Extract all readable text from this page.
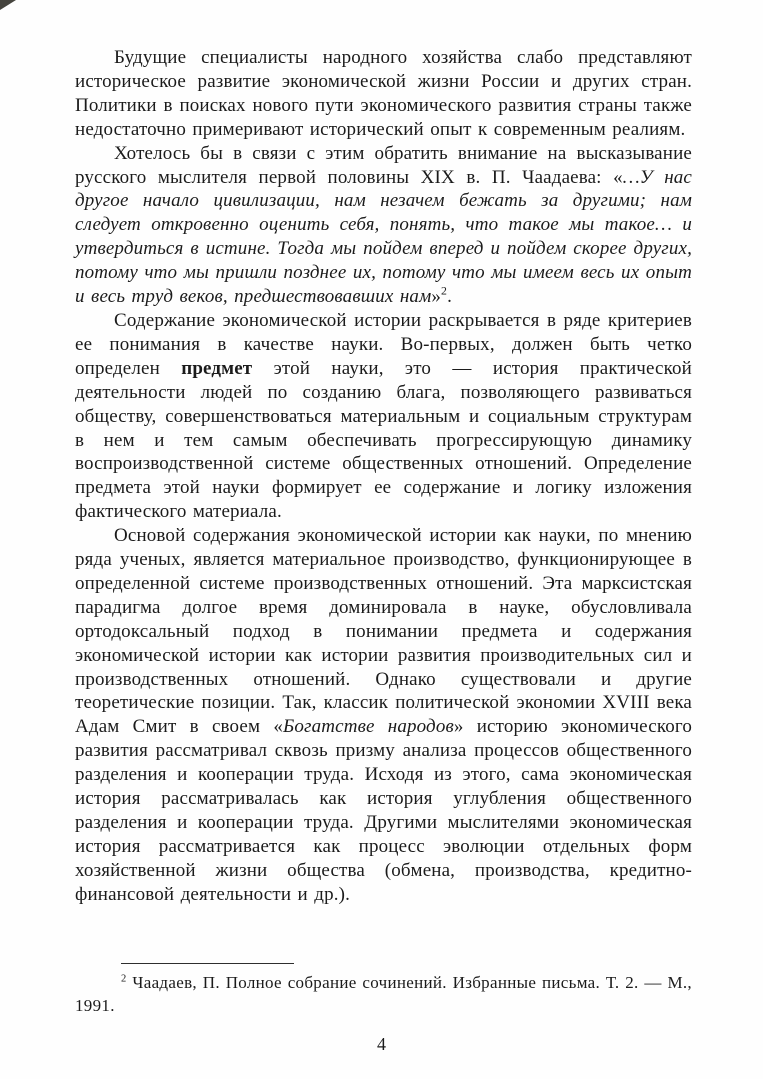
Будущие специалисты народного хозяйства слабо представляют историческое развитие экономической жизни России и других стран. Политики в поисках нового пути экономического развития страны также недостаточно примеривают исторический опыт к современным реалиям.

Хотелось бы в связи с этим обратить внимание на высказывание русского мыслителя первой половины XIX в. П. Чаадаева: «…У нас другое начало цивилизации, нам незачем бежать за другими; нам следует откровенно оценить себя, понять, что такое мы такое… и утвердиться в истине. Тогда мы пойдем вперед и пойдем скорее других, потому что мы пришли позднее их, потому что мы имеем весь их опыт и весь труд веков, предшествовавших нам»$^2$.

Содержание экономической истории раскрывается в ряде критериев ее понимания в качестве науки. Во-первых, должен быть четко определен предмет этой науки, это — история практической деятельности людей по созданию блага, позволяющего развиваться обществу, совершенствоваться материальным и социальным структурам в нем и тем самым обеспечивать прогрессирующую динамику воспроизводственной системе общественных отношений. Определение предмета этой науки формирует ее содержание и логику изложения фактического материала.

Основой содержания экономической истории как науки, по мнению ряда ученых, является материальное производство, функционирующее в определенной системе производственных отношений. Эта марксистская парадигма долгое время доминировала в науке, обусловливала ортодоксальный подход в понимании предмета и содержания экономической истории как истории развития производительных сил и производственных отношений. Однако существовали и другие теоретические позиции. Так, классик политической экономии XVIII века Адам Смит в своем «Богатстве народов» историю экономического развития рассматривал сквозь призму анализа процессов общественного разделения и кооперации труда. Исходя из этого, сама экономическая история рассматривалась как история углубления общественного разделения и кооперации труда. Другими мыслителями экономическая история рассматривается как процесс эволюции отдельных форм хозяйственной жизни общества (обмена, производства, кредитно-финансовой деятельности и др.).

$^2$ Чаадаев, П. Полное собрание сочинений. Избранные письма. Т. 2. — М., 1991.

4
